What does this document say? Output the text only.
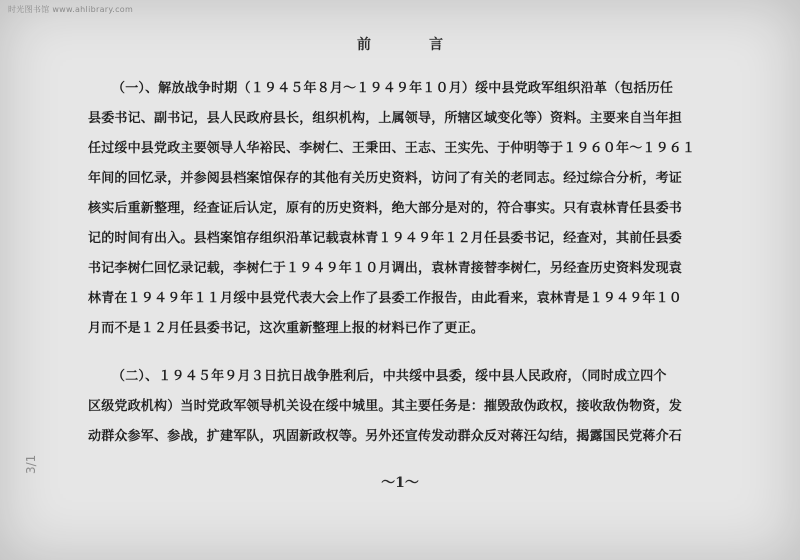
时光图书馆 www.ahlibrary.com
前言
（一）、解放战争时期（１９４５年８月～１９４９年１０月）绥中县党政军组织沿革（包括历任
县委书记、副书记，县人民政府县长，组织机构，上属领导，所辖区域变化等）资料。主要来自当年担
任过绥中县党政主要领导人华裕民、李树仁、王秉田、王志、王实先、于仲明等于１９６０年～１９６１
年间的回忆录，并参阅县档案馆保存的其他有关历史资料，访问了有关的老同志。经过综合分析，考证
核实后重新整理，经查证后认定，原有的历史资料，绝大部分是对的，符合事实。只有袁林青任县委书
记的时间有出入。县档案馆存组织沿革记载袁林青１９４９年１２月任县委书记，经查对，其前任县委
书记李树仁回忆录记载，李树仁于１９４９年１０月调出，袁林青接替李树仁，另经查历史资料发现袁
林青在１９４９年１１月绥中县党代表大会上作了县委工作报告，由此看来，袁林青是１９４９年１０
月而不是１２月任县委书记，这次重新整理上报的材料已作了更正。
（二）、１９４５年９月３日抗日战争胜利后，中共绥中县委，绥中县人民政府，（同时成立四个
区级党政机构）当时党政军领导机关设在绥中城里。其主要任务是：摧毁敌伪政权，接收敌伪物资，发
动群众参军、参战，扩建军队，巩固新政权等。另外还宣传发动群众反对蒋汪勾结，揭露国民党蒋介石
～1～
3/1
